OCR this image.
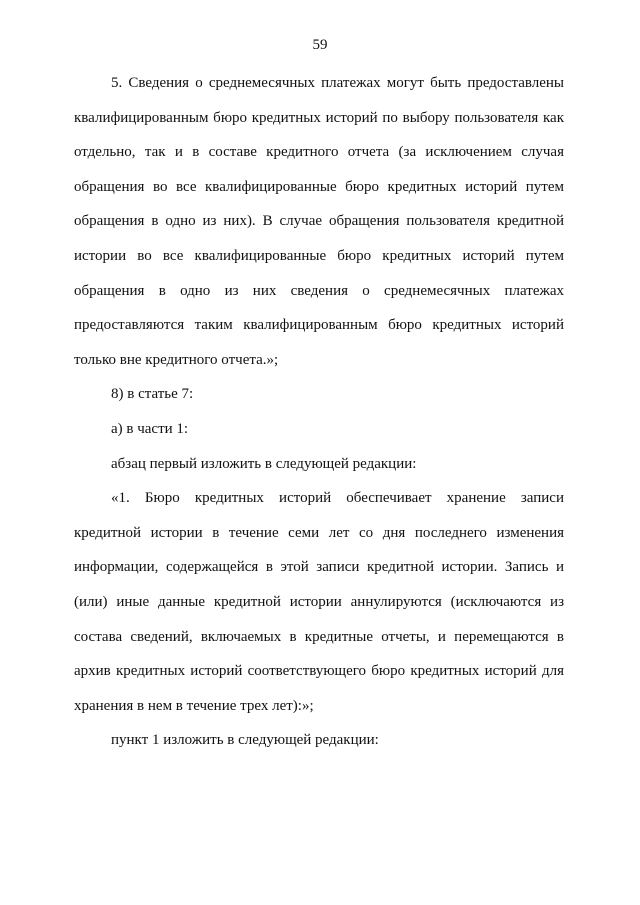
59
5. Сведения о среднемесячных платежах могут быть предоставлены
квалифицированным бюро кредитных историй по выбору пользователя как
отдельно, так и в составе кредитного отчета (за исключением случая
обращения во все квалифицированные бюро кредитных историй путем
обращения в одно из них). В случае обращения пользователя кредитной
истории во все квалифицированные бюро кредитных историй путем
обращения в одно из них сведения о среднемесячных платежах
предоставляются таким квалифицированным бюро кредитных историй
только вне кредитного отчета.»;
8) в статье 7:
а) в части 1:
абзац первый изложить в следующей редакции:
«1. Бюро кредитных историй обеспечивает хранение записи
кредитной истории в течение семи лет со дня последнего изменения
информации, содержащейся в этой записи кредитной истории. Запись и
(или) иные данные кредитной истории аннулируются (исключаются из
состава сведений, включаемых в кредитные отчеты, и перемещаются в
архив кредитных историй соответствующего бюро кредитных историй для
хранения в нем в течение трех лет):»;
пункт 1 изложить в следующей редакции:
